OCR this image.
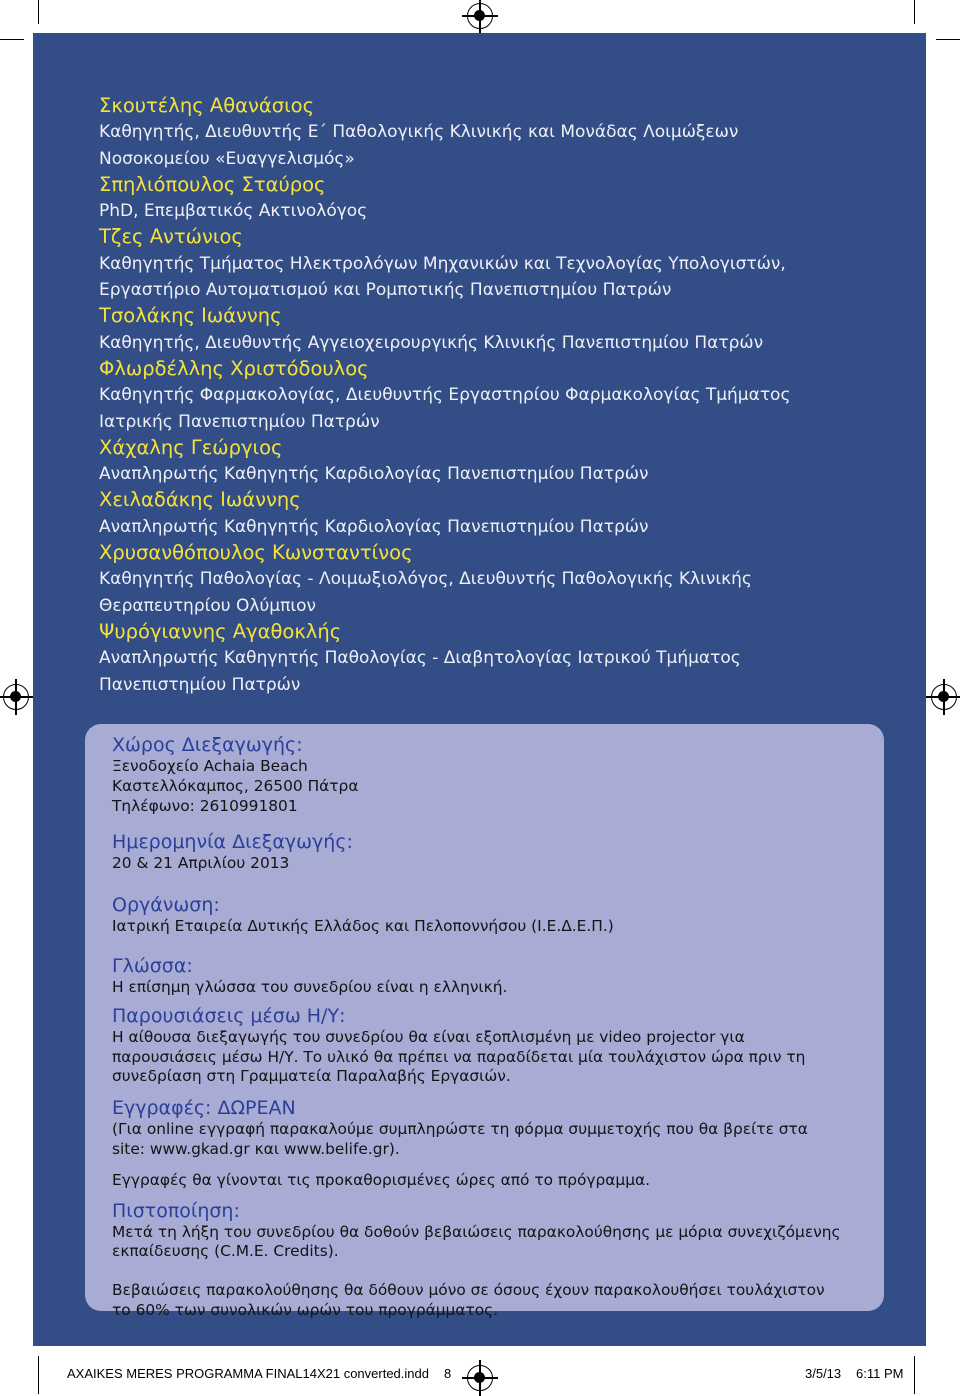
Σκουτέλης Αθανάσιος
Καθηγητής, Διευθυντής Ε΄ Παθολογικής Κλινικής και Μονάδας Λοιμώξεων
Νοσοκομείου «Ευαγγελισμός»
Σπηλιόπουλος Σταύρος
PhD, Επεμβατικός Ακτινολόγος
Τζες Αντώνιος
Καθηγητής Τμήματος Ηλεκτρολόγων Μηχανικών και Τεχνολογίας Υπολογιστών,
Εργαστήριο Αυτοματισμού και Ρομποτικής Πανεπιστημίου Πατρών
Τσολάκης Ιωάννης
Καθηγητής, Διευθυντής Αγγειοχειρουργικής Κλινικής Πανεπιστημίου Πατρών
Φλωρδέλλης Χριστόδουλος
Καθηγητής Φαρμακολογίας, Διευθυντής Εργαστηρίου Φαρμακολογίας Τμήματος
Ιατρικής Πανεπιστημίου Πατρών
Χάχαλης Γεώργιος
Αναπληρωτής Καθηγητής Καρδιολογίας Πανεπιστημίου Πατρών
Χειλαδάκης Ιωάννης
Αναπληρωτής Καθηγητής Καρδιολογίας Πανεπιστημίου Πατρών
Χρυσανθόπουλος Κωνσταντίνος
Καθηγητής Παθολογίας - Λοιμωξιολόγος, Διευθυντής Παθολογικής Κλινικής
Θεραπευτηρίου Ολύμπιον
Ψυρόγιαννης Αγαθοκλής
Αναπληρωτής Καθηγητής Παθολογίας - Διαβητολογίας Ιατρικού Τμήματος
Πανεπιστημίου Πατρών
Χώρος Διεξαγωγής:
Ξενοδοχείο Achaia Beach
Καστελλόκαμπος, 26500 Πάτρα
Τηλέφωνο: 2610991801
Ημερομηνία Διεξαγωγής:
20 & 21 Απριλίου 2013
Οργάνωση:
Ιατρική Εταιρεία Δυτικής Ελλάδος και Πελοποννήσου (Ι.Ε.Δ.Ε.Π.)
Γλώσσα:
Η επίσημη γλώσσα του συνεδρίου είναι η ελληνική.
Παρουσιάσεις μέσω Η/Υ:
Η αίθουσα διεξαγωγής του συνεδρίου θα είναι εξοπλισμένη με video projector για
παρουσιάσεις μέσω Η/Υ. Το υλικό θα πρέπει να παραδίδεται μία τουλάχιστον ώρα πριν τη
συνεδρίαση στη Γραμματεία Παραλαβής Εργασιών.
Εγγραφές: ΔΩΡΕΑΝ
(Για online εγγραφή παρακαλούμε συμπληρώστε τη φόρμα συμμετοχής που θα βρείτε στα
site: www.gkad.gr και www.belife.gr).
Εγγραφές θα γίνονται τις προκαθορισμένες ώρες από το πρόγραμμα.
Πιστοποίηση:
Μετά τη λήξη του συνεδρίου θα δοθούν βεβαιώσεις παρακολούθησης με μόρια συνεχιζόμενης
εκπαίδευσης (C.M.E. Credits).
Βεβαιώσεις παρακολούθησης θα δόθουν μόνο σε όσους έχουν παρακολουθήσει τουλάχιστον
το 60% των συνολικών ωρών του προγράμματος.
AXAIKES MERES PROGRAMMA FINAL14X21 converted.indd 8	3/5/13 6:11 PM
